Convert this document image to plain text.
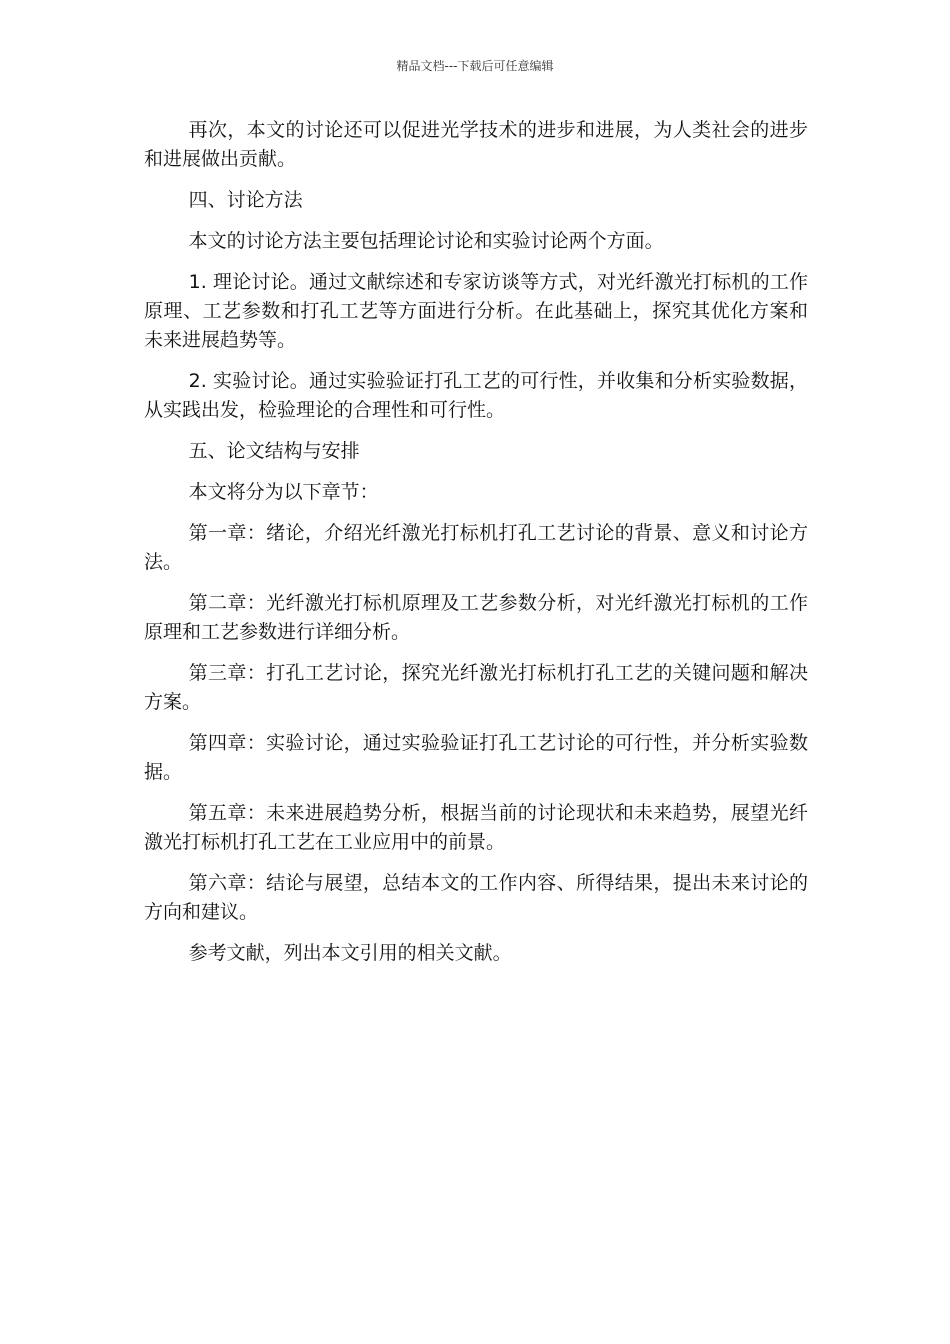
精品文档---下载后可任意编辑

再次，本文的讨论还可以促进光学技术的进步和进展，为人类社会的进步和进展做出贡献。

四、讨论方法

本文的讨论方法主要包括理论讨论和实验讨论两个方面。

1. 理论讨论。通过文献综述和专家访谈等方式，对光纤激光打标机的工作原理、工艺参数和打孔工艺等方面进行分析。在此基础上，探究其优化方案和未来进展趋势等。

2. 实验讨论。通过实验验证打孔工艺的可行性，并收集和分析实验数据，从实践出发，检验理论的合理性和可行性。

五、论文结构与安排

本文将分为以下章节：

第一章：绪论，介绍光纤激光打标机打孔工艺讨论的背景、意义和讨论方法。

第二章：光纤激光打标机原理及工艺参数分析，对光纤激光打标机的工作原理和工艺参数进行详细分析。

第三章：打孔工艺讨论，探究光纤激光打标机打孔工艺的关键问题和解决方案。

第四章：实验讨论，通过实验验证打孔工艺讨论的可行性，并分析实验数据。

第五章：未来进展趋势分析，根据当前的讨论现状和未来趋势，展望光纤激光打标机打孔工艺在工业应用中的前景。

第六章：结论与展望，总结本文的工作内容、所得结果，提出未来讨论的方向和建议。

参考文献，列出本文引用的相关文献。
